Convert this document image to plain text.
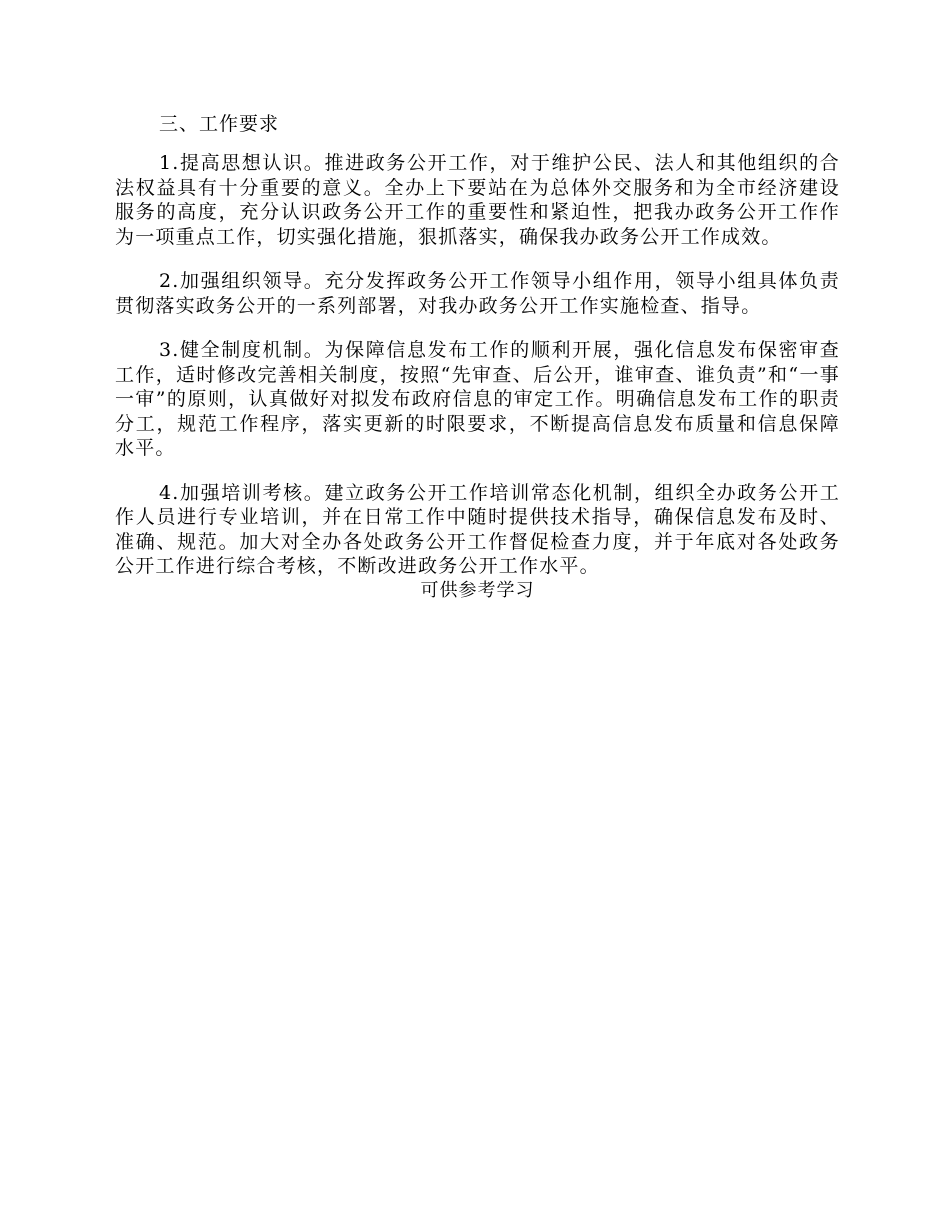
三、工作要求

1.提高思想认识。推进政务公开工作，对于维护公民、法人和其他组织的合法权益具有十分重要的意义。全办上下要站在为总体外交服务和为全市经济建设服务的高度，充分认识政务公开工作的重要性和紧迫性，把我办政务公开工作作为一项重点工作，切实强化措施，狠抓落实，确保我办政务公开工作成效。

2.加强组织领导。充分发挥政务公开工作领导小组作用，领导小组具体负责贯彻落实政务公开的一系列部署，对我办政务公开工作实施检查、指导。

3.健全制度机制。为保障信息发布工作的顺利开展，强化信息发布保密审查工作，适时修改完善相关制度，按照“先审查、后公开，谁审查、谁负责”和“一事一审”的原则，认真做好对拟发布政府信息的审定工作。明确信息发布工作的职责分工，规范工作程序，落实更新的时限要求，不断提高信息发布质量和信息保障水平。

4.加强培训考核。建立政务公开工作培训常态化机制，组织全办政务公开工作人员进行专业培训，并在日常工作中随时提供技术指导，确保信息发布及时、准确、规范。加大对全办各处政务公开工作督促检查力度，并于年底对各处政务公开工作进行综合考核，不断改进政务公开工作水平。

可供参考学习
